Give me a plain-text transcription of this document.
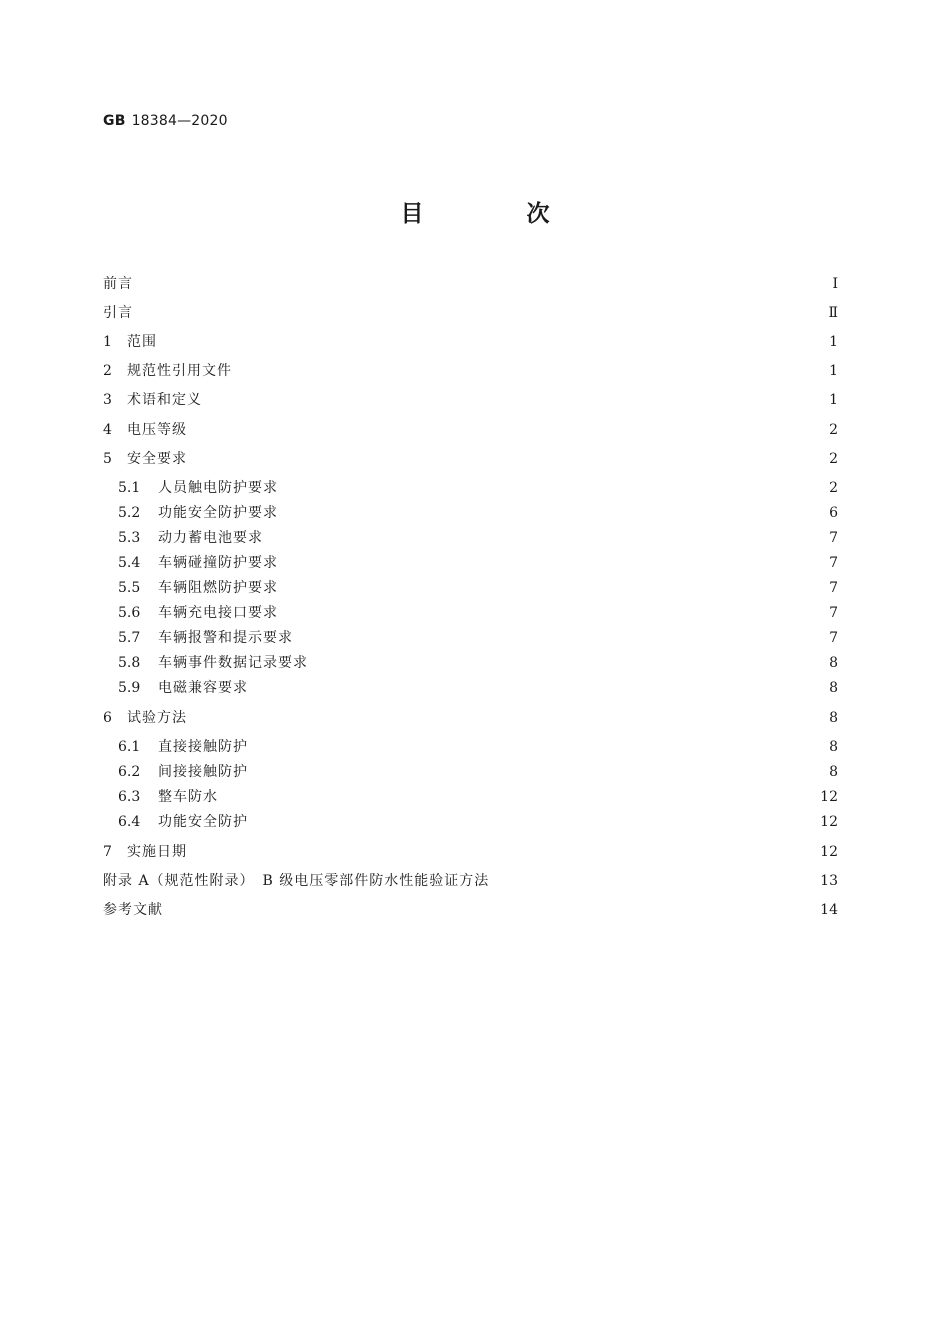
GB 18384—2020
目　次
前言	Ⅰ
引言	Ⅱ
1	范围	1
2	规范性引用文件	1
3	术语和定义	1
4	电压等级	2
5	安全要求	2
5.1	人员触电防护要求	2
5.2	功能安全防护要求	6
5.3	动力蓄电池要求	7
5.4	车辆碰撞防护要求	7
5.5	车辆阻燃防护要求	7
5.6	车辆充电接口要求	7
5.7	车辆报警和提示要求	7
5.8	车辆事件数据记录要求	8
5.9	电磁兼容要求	8
6	试验方法	8
6.1	直接接触防护	8
6.2	间接接触防护	8
6.3	整车防水	12
6.4	功能安全防护	12
7	实施日期	12
附录 A（规范性附录）　B 级电压零部件防水性能验证方法	13
参考文献	14
